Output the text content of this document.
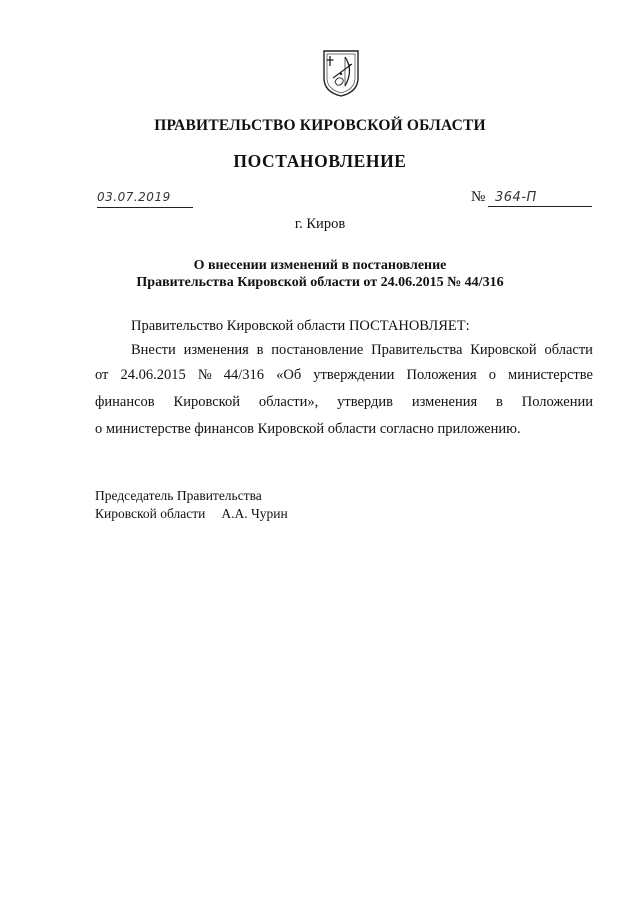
ПРАВИТЕЛЬСТВО КИРОВСКОЙ ОБЛАСТИ
ПОСТАНОВЛЕНИЕ
03.07.2019	№ 364-П
г. Киров
О внесении изменений в постановление
Правительства Кировской области от 24.06.2015 № 44/316
Правительство Кировской области ПОСТАНОВЛЯЕТ:
Внести изменения в постановление Правительства Кировской области
от 24.06.2015 № 44/316 «Об утверждении Положения о министерстве
финансов Кировской области», утвердив изменения в Положении
о министерстве финансов Кировской области согласно приложению.
Председатель Правительства
Кировской области А.А. Чурин
